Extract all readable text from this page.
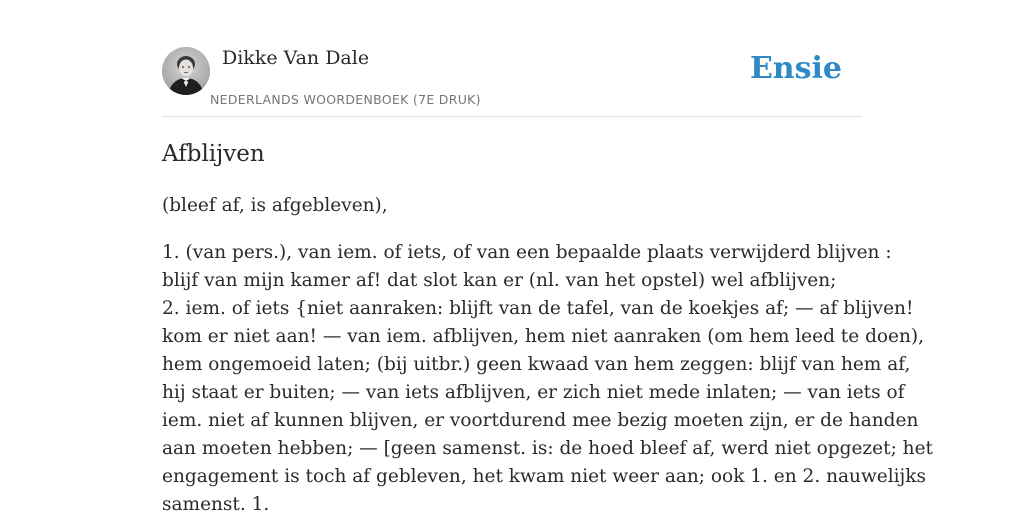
Dikke Van Dale
NEDERLANDS WOORDENBOEK (7E DRUK)
Ensie
Afblijven

(bleef af, is afgebleven),

1. (van pers.), van iem. of iets, of van een bepaalde plaats verwijderd blijven :
blijf van mijn kamer af! dat slot kan er (nl. van het opstel) wel afblijven;
2. iem. of iets {niet aanraken: blijft van de tafel, van de koekjes af; — af blijven!
kom er niet aan! — van iem. afblijven, hem niet aanraken (om hem leed te doen),
hem ongemoeid laten; (bij uitbr.) geen kwaad van hem zeggen: blijf van hem af,
hij staat er buiten; — van iets afblijven, er zich niet mede inlaten; — van iets of
iem. niet af kunnen blijven, er voortdurend mee bezig moeten zijn, er de handen
aan moeten hebben; — [geen samenst. is: de hoed bleef af, werd niet opgezet; het
engagement is toch af gebleven, het kwam niet weer aan; ook 1. en 2. nauwelijks
samenst. 1.
